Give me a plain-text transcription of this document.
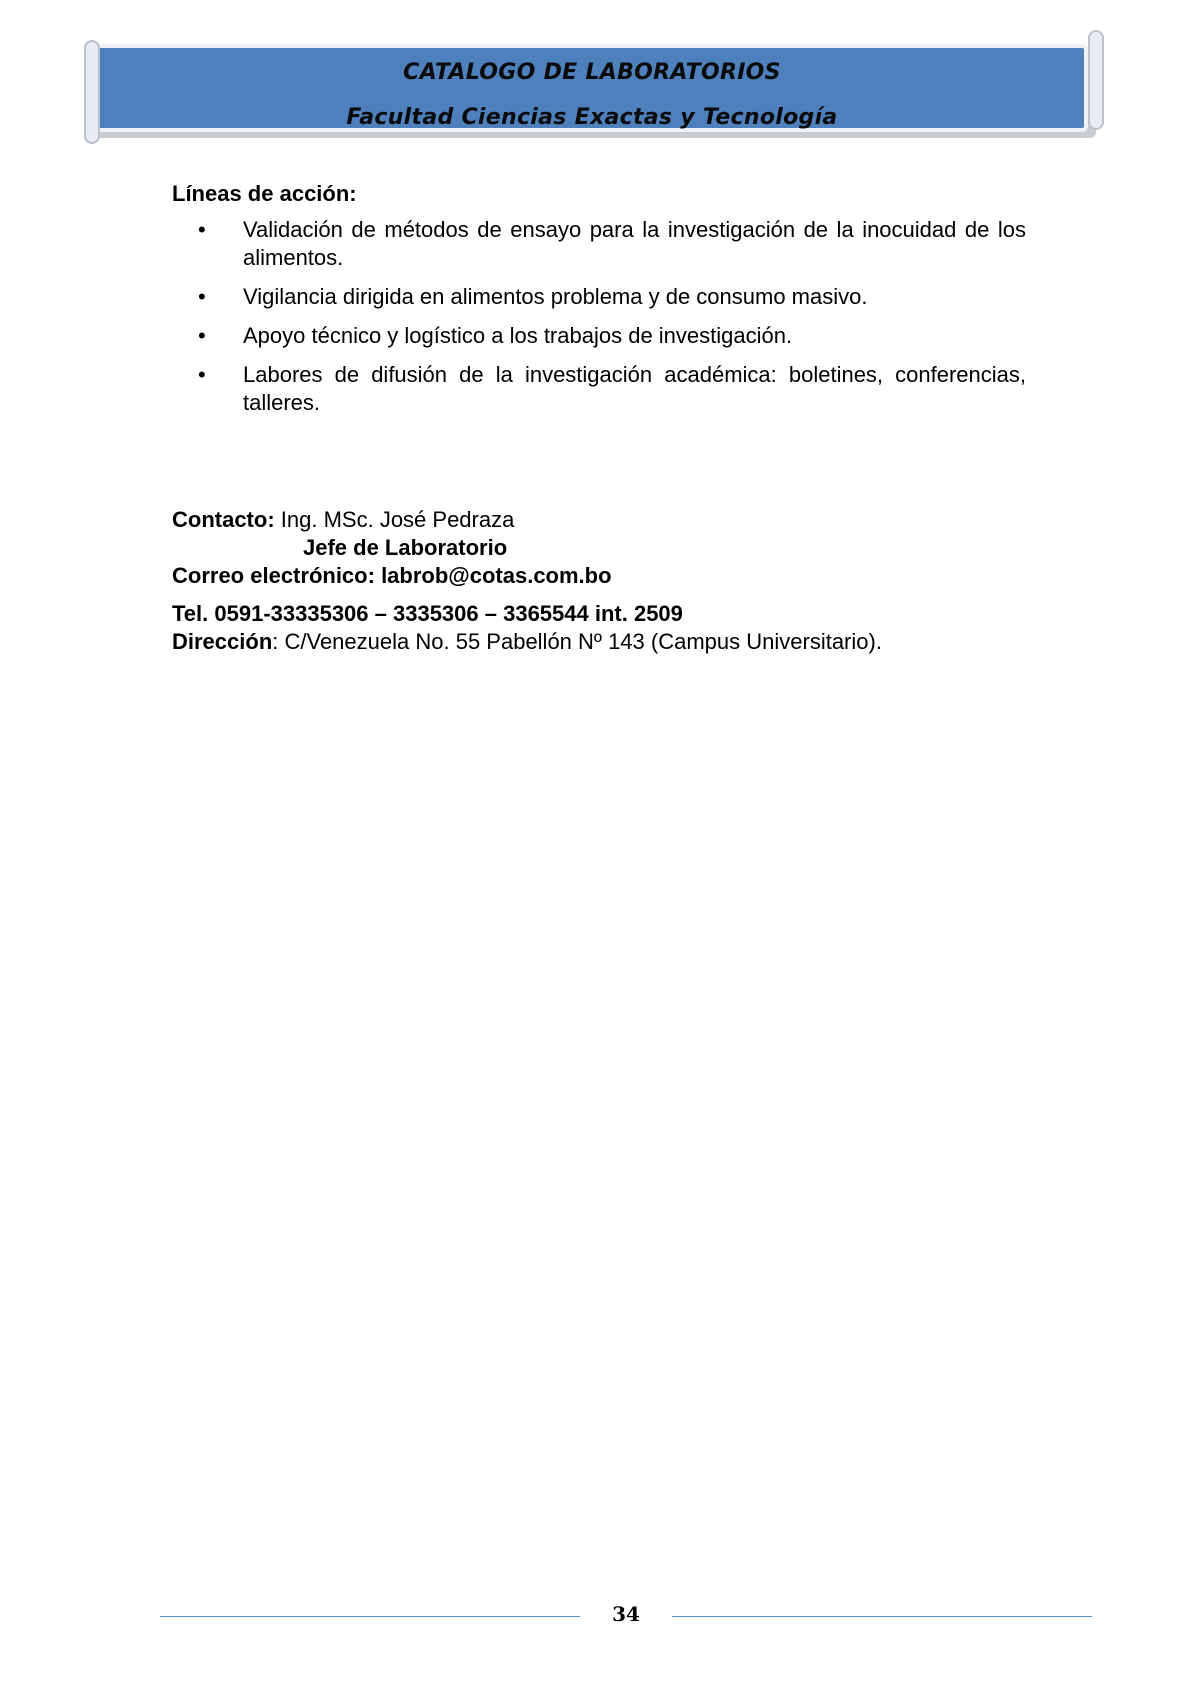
CATALOGO DE LABORATORIOS
Facultad Ciencias Exactas y Tecnología
Líneas de acción:
• Validación de métodos de ensayo para la investigación de la inocuidad de los alimentos.
• Vigilancia dirigida en alimentos problema y de consumo masivo.
• Apoyo técnico y logístico a los trabajos de investigación.
• Labores de difusión de la investigación académica: boletines, conferencias, talleres.
Contacto: Ing. MSc. José Pedraza
Jefe de Laboratorio
Correo electrónico: labrob@cotas.com.bo
Tel. 0591-33335306 – 3335306 – 3365544 int. 2509
Dirección: C/Venezuela No. 55 Pabellón Nº 143 (Campus Universitario).
34
